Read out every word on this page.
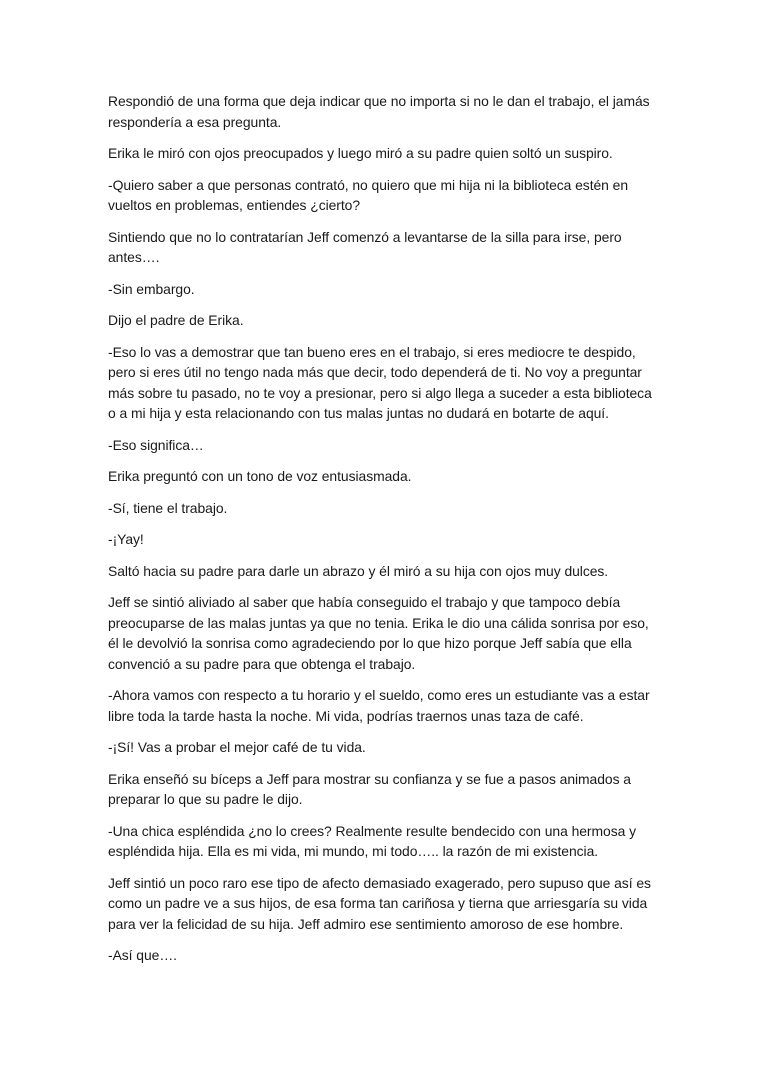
Respondió de una forma que deja indicar que no importa si no le dan el trabajo, el jamás respondería a esa pregunta.

Erika le miró con ojos preocupados y luego miró a su padre quien soltó un suspiro.

-Quiero saber a que personas contrató, no quiero que mi hija ni la biblioteca estén en vueltos en problemas, entiendes ¿cierto?

Sintiendo que no lo contratarían Jeff comenzó a levantarse de la silla para irse, pero antes….

-Sin embargo.

Dijo el padre de Erika.

-Eso lo vas a demostrar que tan bueno eres en el trabajo, si eres mediocre te despido, pero si eres útil no tengo nada más que decir, todo dependerá de ti. No voy a preguntar más sobre tu pasado, no te voy a presionar, pero si algo llega a suceder a esta biblioteca o a mi hija y esta relacionando con tus malas juntas no dudará en botarte de aquí.

-Eso significa…

Erika preguntó con un tono de voz entusiasmada.

-Sí, tiene el trabajo.

-¡Yay!

Saltó hacia su padre para darle un abrazo y él miró a su hija con ojos muy dulces.

Jeff se sintió aliviado al saber que había conseguido el trabajo y que tampoco debía preocuparse de las malas juntas ya que no tenia. Erika le dio una cálida sonrisa por eso, él le devolvió la sonrisa como agradeciendo por lo que hizo porque Jeff sabía que ella convenció a su padre para que obtenga el trabajo.

-Ahora vamos con respecto a tu horario y el sueldo, como eres un estudiante vas a estar libre toda la tarde hasta la noche. Mi vida, podrías traernos unas taza de café.

-¡Sí! Vas a probar el mejor café de tu vida.

Erika enseñó su bíceps a Jeff para mostrar su confianza y se fue a pasos animados a preparar lo que su padre le dijo.

-Una chica espléndida ¿no lo crees? Realmente resulte bendecido con una hermosa y espléndida hija. Ella es mi vida, mi mundo, mi todo….. la razón de mi existencia.

Jeff sintió un poco raro ese tipo de afecto demasiado exagerado, pero supuso que así es como un padre ve a sus hijos, de esa forma tan cariñosa y tierna que arriesgaría su vida para ver la felicidad de su hija. Jeff admiro ese sentimiento amoroso de ese hombre.

-Así que….
